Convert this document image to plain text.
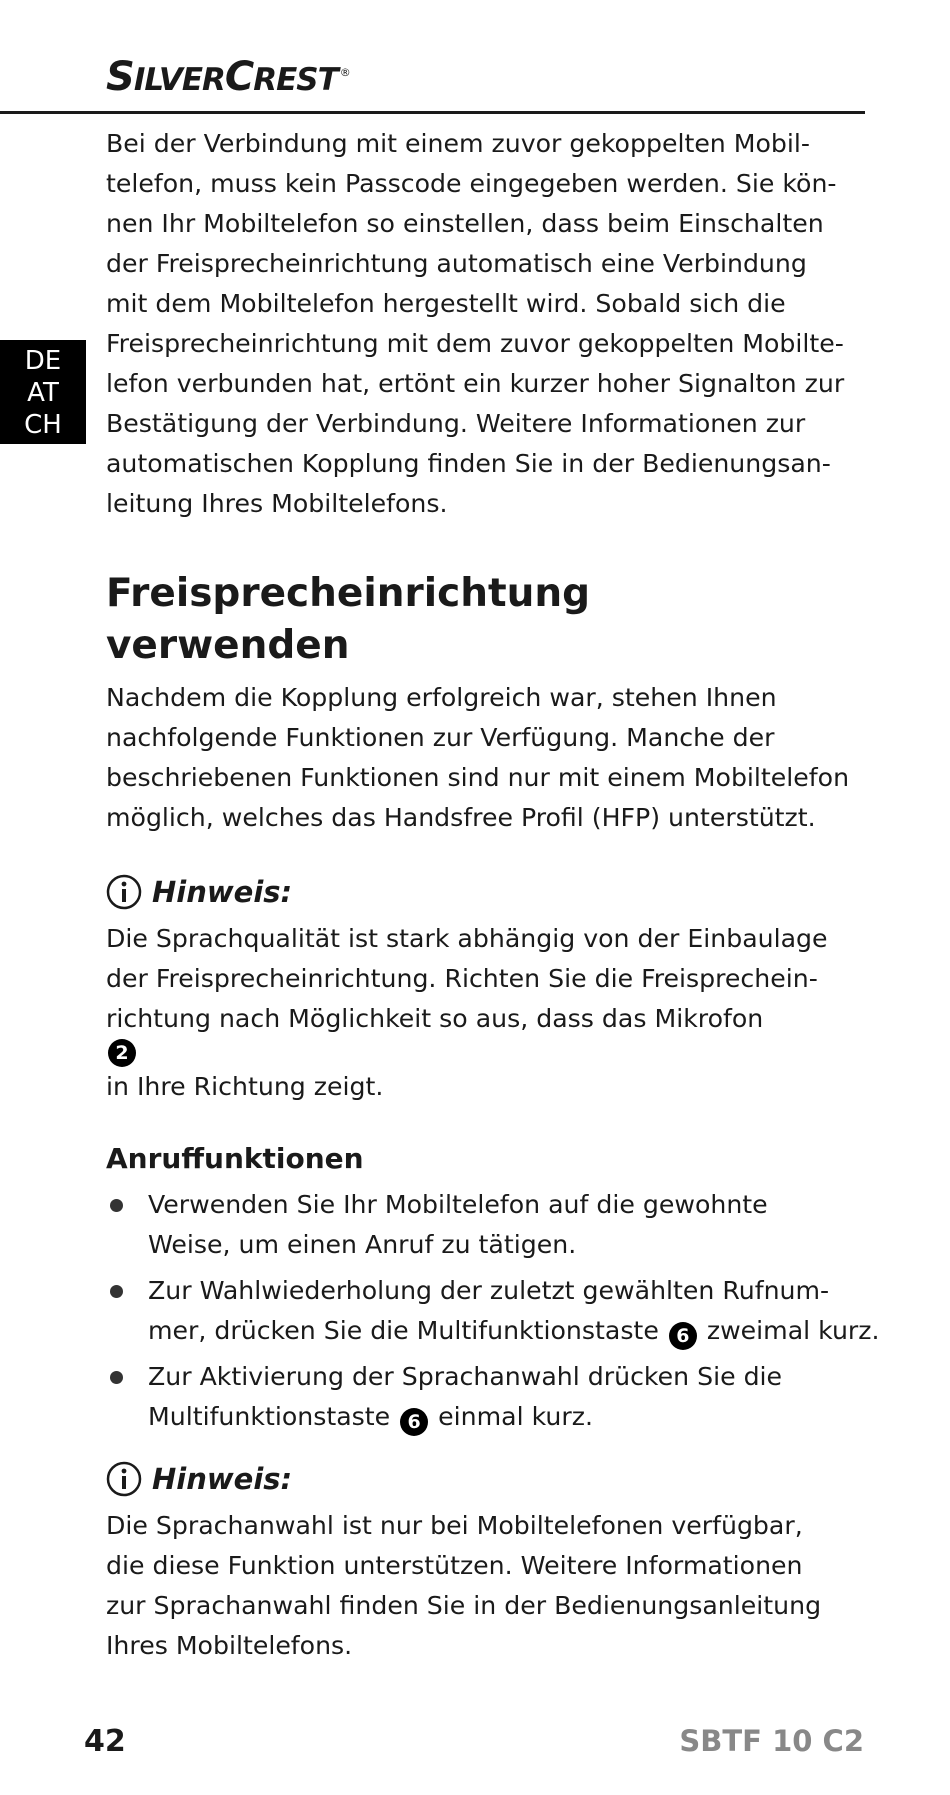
SILVERCREST ®
DE
AT
CH

Bei der Verbindung mit einem zuvor gekoppelten Mobil-
telefon, muss kein Passcode eingegeben werden. Sie kön-
nen Ihr Mobiltelefon so einstellen, dass beim Einschalten
der Freisprecheinrichtung automatisch eine Verbindung
mit dem Mobiltelefon hergestellt wird. Sobald sich die
Freisprecheinrichtung mit dem zuvor gekoppelten Mobilte-
lefon verbunden hat, ertönt ein kurzer hoher Signalton zur
Bestätigung der Verbindung. Weitere Informationen zur
automatischen Kopplung finden Sie in der Bedienungsan-
leitung Ihres Mobiltelefons.

Freisprecheinrichtung verwenden

Nachdem die Kopplung erfolgreich war, stehen Ihnen
nachfolgende Funktionen zur Verfügung. Manche der
beschriebenen Funktionen sind nur mit einem Mobiltelefon
möglich, welches das Handsfree Profil (HFP) unterstützt.

Hinweis:

Die Sprachqualität ist stark abhängig von der Einbaulage
der Freisprecheinrichtung. Richten Sie die Freisprechein-
richtung nach Möglichkeit so aus, dass das Mikrofon
2
in Ihre Richtung zeigt.

Anruffunktionen
Verwenden Sie Ihr Mobiltelefon auf die gewohnte
Weise, um einen Anruf zu tätigen.
Zur Wahlwiederholung der zuletzt gewählten Rufnum-
mer, drücken Sie die Multifunktionstaste 6 zweimal kurz.
Zur Aktivierung der Sprachanwahl drücken Sie die
Multifunktionstaste 6 einmal kurz.
Hinweis:

Die Sprachanwahl ist nur bei Mobiltelefonen verfügbar,
die diese Funktion unterstützen. Weitere Informationen
zur Sprachanwahl finden Sie in der Bedienungsanleitung
Ihres Mobiltelefons.

42	SBTF 10 C2
